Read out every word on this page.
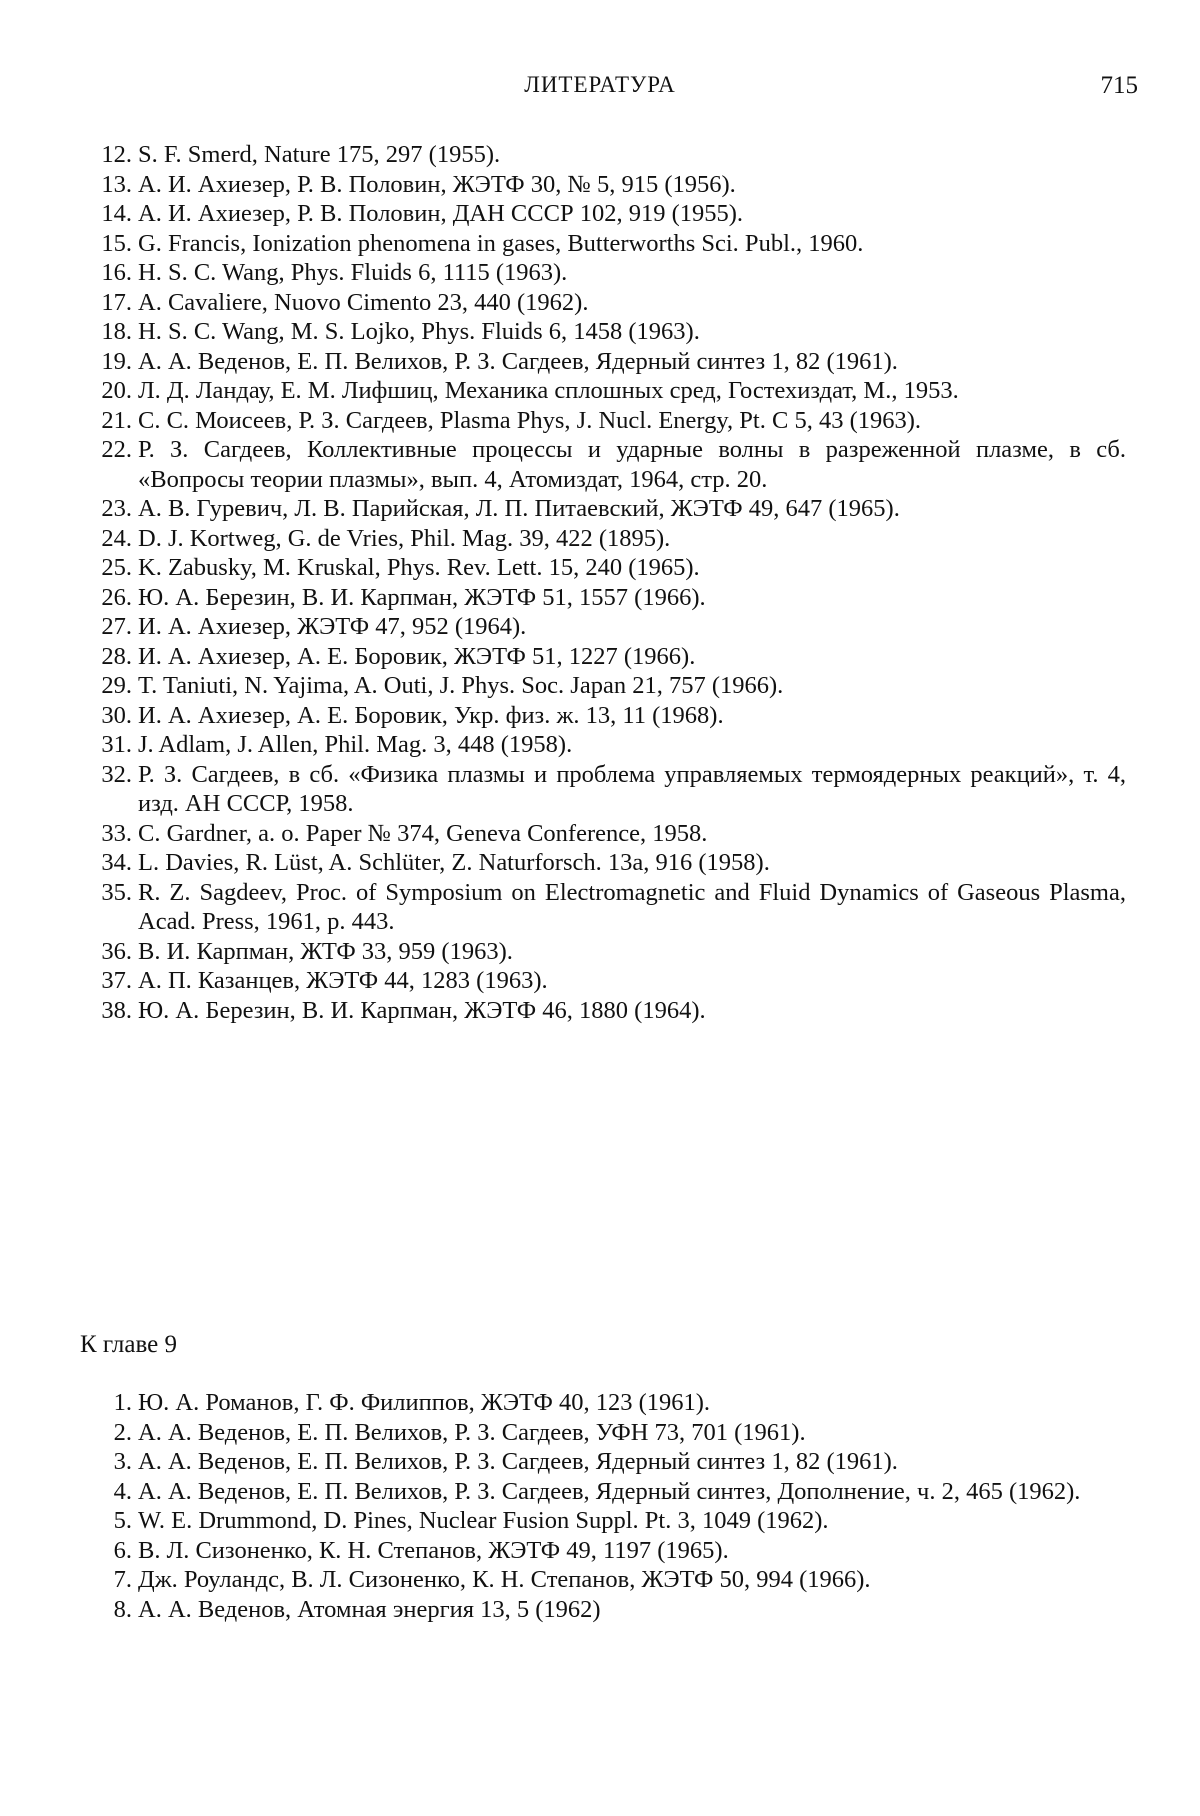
ЛИТЕРАТУРА	715
12. S. F. Smerd, Nature 175, 297 (1955).
13. А. И. Ахиезер, Р. В. Половин, ЖЭТФ 30, № 5, 915 (1956).
14. А. И. Ахиезер, Р. В. Половин, ДАН СССР 102, 919 (1955).
15. G. Francis, Ionization phenomena in gases, Butterworths Sci. Publ., 1960.
16. H. S. C. Wang, Phys. Fluids 6, 1115 (1963).
17. A. Cavaliere, Nuovo Cimento 23, 440 (1962).
18. H. S. C. Wang, M. S. Lojko, Phys. Fluids 6, 1458 (1963).
19. А. А. Веденов, Е. П. Велихов, Р. З. Сагдеев, Ядерный синтез 1, 82 (1961).
20. Л. Д. Ландау, Е. М. Лифшиц, Механика сплошных сред, Гостехиздат, М., 1953.
21. С. С. Моисеев, Р. З. Сагдеев, Plasma Phys, J. Nucl. Energy, Pt. C 5, 43 (1963).
22. Р. З. Сагдеев, Коллективные процессы и ударные волны в разреженной плазме, в сб. «Вопросы теории плазмы», вып. 4, Атомиздат, 1964, стр. 20.
23. А. В. Гуревич, Л. В. Парийская, Л. П. Питаевский, ЖЭТФ 49, 647 (1965).
24. D. J. Kortweg, G. de Vries, Phil. Mag. 39, 422 (1895).
25. K. Zabusky, M. Kruskal, Phys. Rev. Lett. 15, 240 (1965).
26. Ю. А. Березин, В. И. Карпман, ЖЭТФ 51, 1557 (1966).
27. И. А. Ахиезер, ЖЭТФ 47, 952 (1964).
28. И. А. Ахиезер, А. Е. Боровик, ЖЭТФ 51, 1227 (1966).
29. T. Taniuti, N. Yajima, A. Outi, J. Phys. Soc. Japan 21, 757 (1966).
30. И. А. Ахиезер, А. Е. Боровик, Укр. физ. ж. 13, 11 (1968).
31. J. Adlam, J. Allen, Phil. Mag. 3, 448 (1958).
32. Р. З. Сагдеев, в сб. «Физика плазмы и проблема управляемых термоядерных реакций», т. 4, изд. АН СССР, 1958.
33. C. Gardner, a. o. Paper № 374, Geneva Conference, 1958.
34. L. Davies, R. Lüst, A. Schlüter, Z. Naturforsch. 13a, 916 (1958).
35. R. Z. Sagdeev, Proc. of Symposium on Electromagnetic and Fluid Dynamics of Gaseous Plasma, Acad. Press, 1961, p. 443.
36. В. И. Карпман, ЖТФ 33, 959 (1963).
37. А. П. Казанцев, ЖЭТФ 44, 1283 (1963).
38. Ю. А. Березин, В. И. Карпман, ЖЭТФ 46, 1880 (1964).
К главе 9
1. Ю. А. Романов, Г. Ф. Филиппов, ЖЭТФ 40, 123 (1961).
2. А. А. Веденов, Е. П. Велихов, Р. З. Сагдеев, УФН 73, 701 (1961).
3. А. А. Веденов, Е. П. Велихов, Р. З. Сагдеев, Ядерный синтез 1, 82 (1961).
4. А. А. Веденов, Е. П. Велихов, Р. З. Сагдеев, Ядерный синтез, Дополнение, ч. 2, 465 (1962).
5. W. E. Drummond, D. Pines, Nuclear Fusion Suppl. Pt. 3, 1049 (1962).
6. В. Л. Сизоненко, К. Н. Степанов, ЖЭТФ 49, 1197 (1965).
7. Дж. Роуландс, В. Л. Сизоненко, К. Н. Степанов, ЖЭТФ 50, 994 (1966).
8. А. А. Веденов, Атомная энергия 13, 5 (1962)
